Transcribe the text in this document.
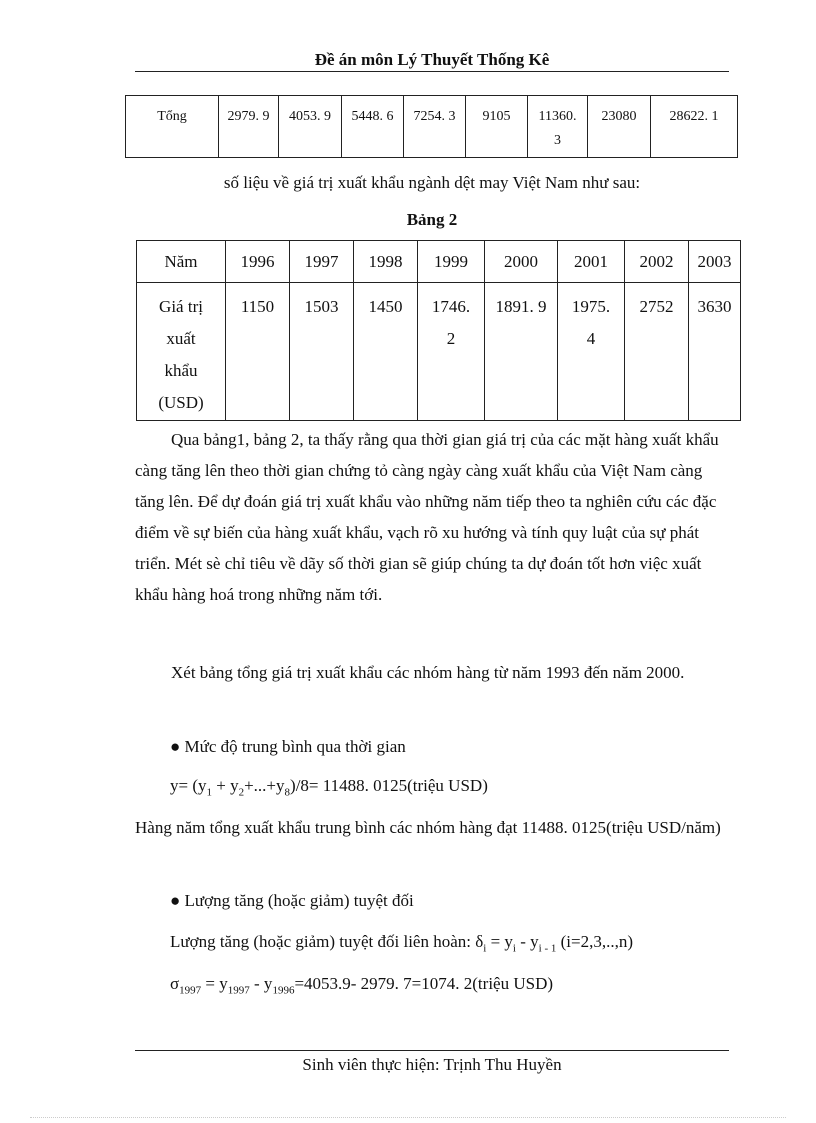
Đề án môn Lý Thuyết Thống Kê
Tổng	2979. 9	4053. 9	5448. 6	7254. 3	9105	11360. 3	23080	28622. 1
số liệu về giá trị xuất khẩu ngành dệt may Việt Nam như sau:
Bảng 2
Năm	1996	1997	1998	1999	2000	2001	2002	2003
Giá trị xuất khẩu (USD)	1150	1503	1450	1746. 2	1891. 9	1975. 4	2752	3630

Qua bảng1, bảng 2, ta thấy rằng qua thời gian giá trị của các mặt hàng xuất khẩu càng tăng lên theo thời gian chứng tỏ càng ngày càng xuất khẩu của Việt Nam càng tăng lên. Để dự đoán giá trị xuất khẩu vào những năm tiếp theo ta nghiên cứu các đặc điểm về sự biến của hàng xuất khẩu, vạch rõ xu hướng và tính quy luật của sự phát triển. Mét sè chỉ tiêu về dãy số thời gian sẽ giúp chúng ta dự đoán tốt hơn việc xuất khẩu hàng hoá trong những năm tới.

Xét bảng tổng giá trị xuất khẩu các nhóm hàng từ năm 1993 đến năm 2000.

● Mức độ trung bình qua thời gian
$y= (y_1 + y_2+...+y_8)/8= 11488$. 0125(triệu USD)

Hàng năm tổng xuất khẩu trung bình các nhóm hàng đạt 11488. 0125(triệu USD/năm)

● Lượng tăng (hoặc giảm) tuyệt đối
Lượng tăng (hoặc giảm) tuyệt đối liên hoàn: $\delta_i = y_i - y_{i - 1}$ (i=2,3,..,n)
$\sigma_{1997} = y_{1997} - y_{1996}=4053.9-$ 2979. 7=1074. 2(triệu USD)
Sinh viên thực hiện: Trịnh Thu Huyền
